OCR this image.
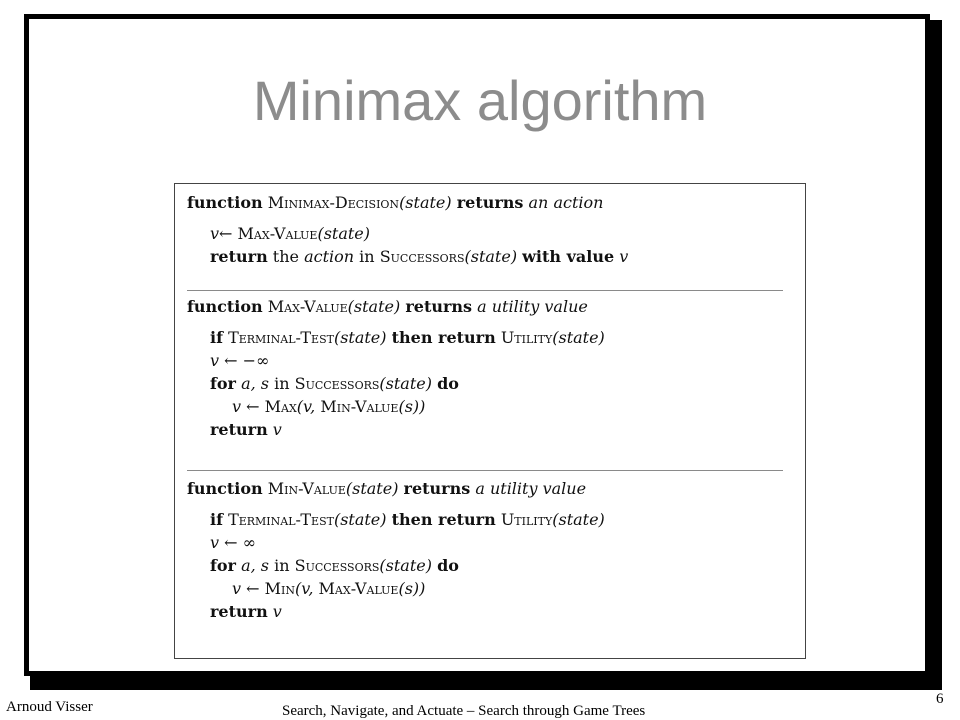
Minimax algorithm
function Minimax-Decision(state) returns an action
v← Max-Value(state)
return the action in Successors(state) with value v
function Max-Value(state) returns a utility value
if Terminal-Test(state) then return Utility(state)
v ← −∞
for a, s in Successors(state) do
v ← Max(v, Min-Value(s))
return v
function Min-Value(state) returns a utility value
if Terminal-Test(state) then return Utility(state)
v ← ∞
for a, s in Successors(state) do
v ← Min(v, Max-Value(s))
return v
Arnoud Visser	Search, Navigate, and Actuate – Search through Game Trees
6
